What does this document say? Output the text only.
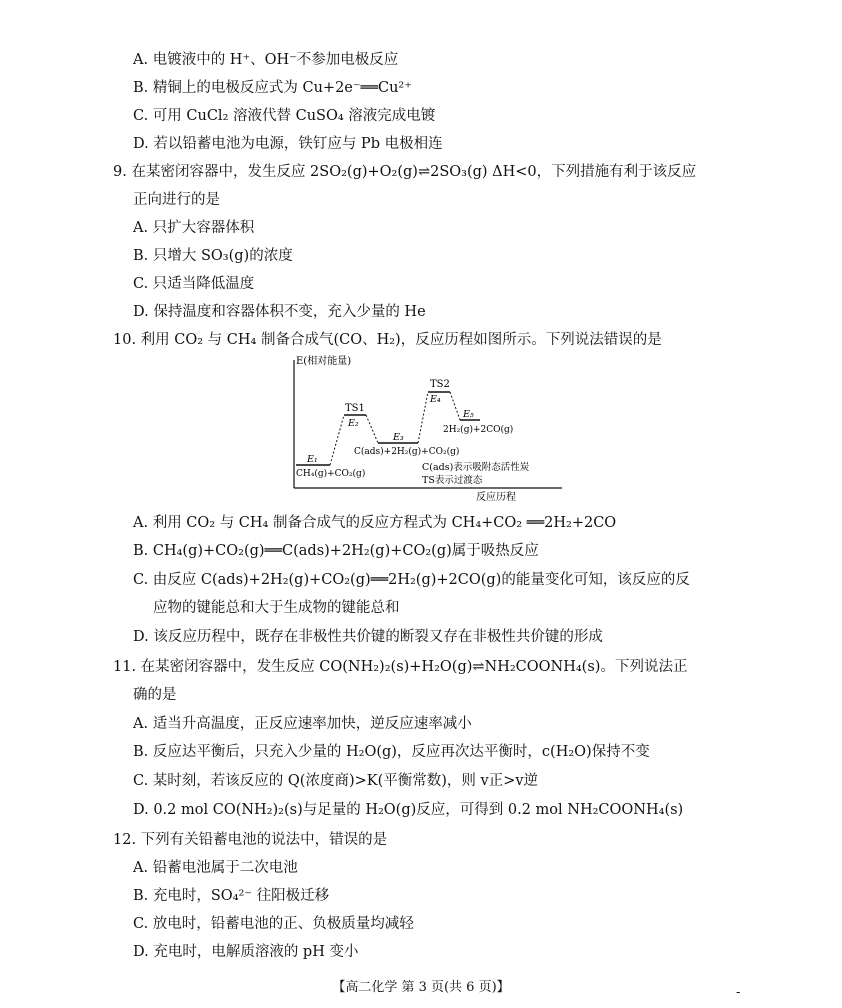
A. 电镀液中的 H⁺、OH⁻不参加电极反应
B. 精铜上的电极反应式为 Cu+2e⁻══Cu²⁺
C. 可用 CuCl₂ 溶液代替 CuSO₄ 溶液完成电镀
D. 若以铅蓄电池为电源，铁钉应与 Pb 电极相连
9. 在某密闭容器中，发生反应 2SO₂(g)+O₂(g)⇌2SO₃(g) ΔH<0，下列措施有利于该反应
正向进行的是
A. 只扩大容器体积
B. 只增大 SO₃(g)的浓度
C. 只适当降低温度
D. 保持温度和容器体积不变，充入少量的 He
10. 利用 CO₂ 与 CH₄ 制备合成气(CO、H₂)，反应历程如图所示。下列说法错误的是
E(相对能量)
反应历程
E₁
CH₄(g)+CO₂(g)
TS1
E₂
E₃
C(ads)+2H₂(g)+CO₂(g)
TS2
E₄
E₅
2H₂(g)+2CO(g)
C(ads)表示吸附态活性炭
TS表示过渡态
A. 利用 CO₂ 与 CH₄ 制备合成气的反应方程式为 CH₄+CO₂ ══2H₂+2CO
B. CH₄(g)+CO₂(g)══C(ads)+2H₂(g)+CO₂(g)属于吸热反应
C. 由反应 C(ads)+2H₂(g)+CO₂(g)══2H₂(g)+2CO(g)的能量变化可知，该反应的反
应物的键能总和大于生成物的键能总和
D. 该反应历程中，既存在非极性共价键的断裂又存在非极性共价键的形成
11. 在某密闭容器中，发生反应 CO(NH₂)₂(s)+H₂O(g)⇌NH₂COONH₄(s)。下列说法正
确的是
A. 适当升高温度，正反应速率加快，逆反应速率减小
B. 反应达平衡后，只充入少量的 H₂O(g)，反应再次达平衡时，c(H₂O)保持不变
C. 某时刻，若该反应的 Q(浓度商)>K(平衡常数)，则 v正>v逆
D. 0.2 mol CO(NH₂)₂(s)与足量的 H₂O(g)反应，可得到 0.2 mol NH₂COONH₄(s)
12. 下列有关铅蓄电池的说法中，错误的是
A. 铅蓄电池属于二次电池
B. 充电时，SO₄²⁻ 往阳极迁移
C. 放电时，铅蓄电池的正、负极质量均减轻
D. 充电时，电解质溶液的 pH 变小
【高二化学 第 3 页(共 6 页)】	-
